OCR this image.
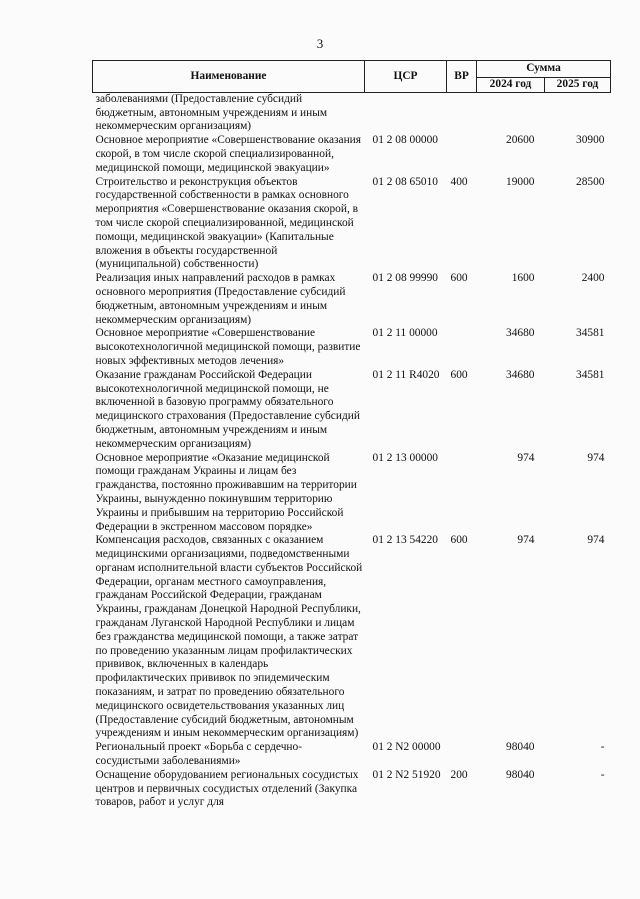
3
Наименование	ЦСР	ВР	Сумма	
			2024 год	2025 год
заболеваниями (Предоставление субсидий бюджетным, автономным учреждениям и иным некоммерческим организациям)				
Основное мероприятие «Совершенствование оказания скорой, в том числе скорой специализированной, медицинской помощи, медицинской эвакуации»	01 2 08 00000		20600	30900
Строительство и реконструкция объектов государственной собственности в рамках основного мероприятия «Совершенствование оказания скорой, в том числе скорой специализированной, медицинской помощи, медицинской эвакуации» (Капитальные вложения в объекты государственной (муниципальной) собственности)	01 2 08 65010	400	19000	28500
Реализация иных направлений расходов в рамках основного мероприятия (Предоставление субсидий бюджетным, автономным учреждениям и иным некоммерческим организациям)	01 2 08 99990	600	1600	2400
Основное мероприятие «Совершенствование высокотехнологичной медицинской помощи, развитие новых эффективных методов лечения»	01 2 11 00000		34680	34581
Оказание гражданам Российской Федерации высокотехнологичной медицинской помощи, не включенной в базовую программу обязательного медицинского страхования (Предоставление субсидий бюджетным, автономным учреждениям и иным некоммерческим организациям)	01 2 11 R4020	600	34680	34581
Основное мероприятие «Оказание медицинской помощи гражданам Украины и лицам без гражданства, постоянно проживавшим на территории Украины, вынужденно покинувшим территорию Украины и прибывшим на территорию Российской Федерации в экстренном массовом порядке»	01 2 13 00000		974	974
Компенсация расходов, связанных с оказанием медицинскими организациями, подведомственными органам исполнительной власти субъектов Российской Федерации, органам местного самоуправления, гражданам Российской Федерации, гражданам Украины, гражданам Донецкой Народной Республики, гражданам Луганской Народной Республики и лицам без гражданства медицинской помощи, а также затрат по проведению указанным лицам профилактических прививок, включенных в календарь профилактических прививок по эпидемическим показаниям, и затрат по проведению обязательного медицинского освидетельствования указанных лиц (Предоставление субсидий бюджетным, автономным учреждениям и иным некоммерческим организациям)	01 2 13 54220	600	974	974
Региональный проект «Борьба с сердечно-сосудистыми заболеваниями»	01 2 N2 00000		98040	-
Оснащение оборудованием региональных сосудистых центров и первичных сосудистых отделений (Закупка товаров, работ и услуг для	01 2 N2 51920	200	98040	-
